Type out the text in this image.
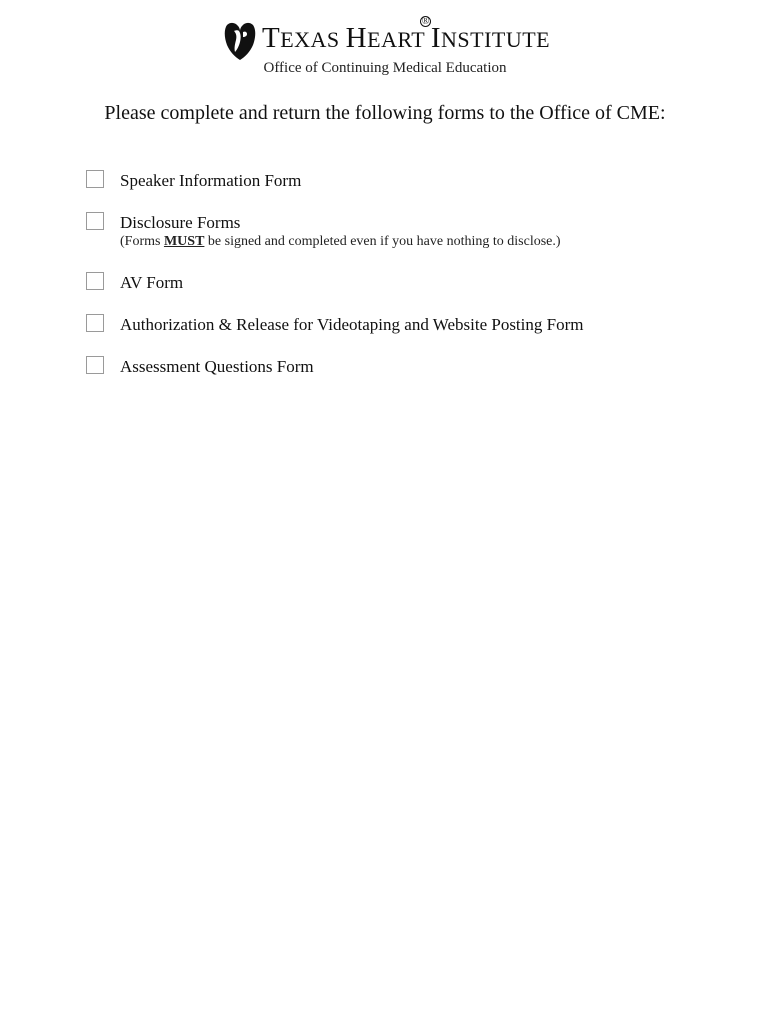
TEXAS HEART INSTITUTE
®
Office of Continuing Medical Education
Please complete and return the following forms to the Office of CME:
Speaker Information Form
Disclosure Forms
(Forms MUST be signed and completed even if you have nothing to disclose.)
AV Form
Authorization & Release for Videotaping and Website Posting Form
Assessment Questions Form
